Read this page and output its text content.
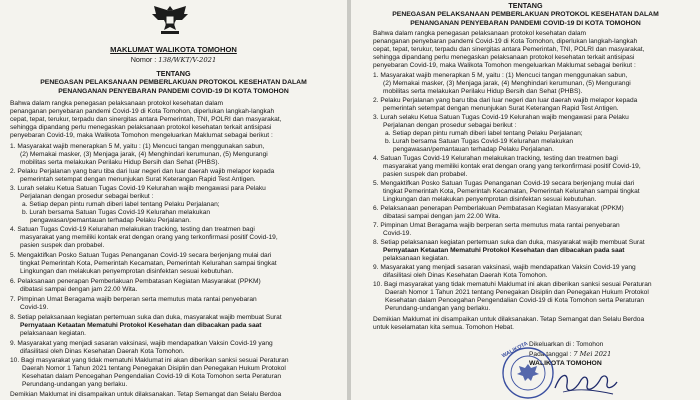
MAKLUMAT WALIKOTA TOMOHON
Nomor : 138/WKT/V-2021
TENTANG
PENEGASAN PELAKSANAAN PEMBERLAKUAN PROTOKOL KESEHATAN DALAM
PENANGANAN PENYEBARAN PANDEMI COVID-19 DI KOTA TOMOHON
Bahwa dalam rangka penegasan pelaksanaan protokol kesehatan dalam
penanganan penyebaran pandemi Covid-19 di Kota Tomohon, diperlukan langkah-langkah
cepat, tepat, terukur, terpadu dan sinergitas antara Pemerintah, TNI, POLRI dan masyarakat,
sehingga dipandang perlu menegaskan pelaksanaan protokol kesehatan terkait antisipasi
penyebaran Covid-19, maka Walikota Tomohon mengeluarkan Maklumat sebagai berikut :
1. Masyarakat wajib menerapkan 5 M, yaitu : (1) Mencuci tangan menggunakan sabun,
(2) Memakai masker, (3) Menjaga jarak, (4) Menghindari kerumunan, (5) Mengurangi
mobilitas serta melakukan Perilaku Hidup Bersih dan Sehat (PHBS).
2. Pelaku Perjalanan yang baru tiba dari luar negeri dan luar daerah wajib melapor kepada
pemerintah setempat dengan menunjukan Surat Keterangan Rapid Test Antigen.
3. Lurah selaku Ketua Satuan Tugas Covid-19 Kelurahan wajib mengawasi para Pelaku
Perjalanan dengan prosedur sebagai berikut :
a. Setiap depan pintu rumah diberi label tentang Pelaku Perjalanan;
b. Lurah bersama Satuan Tugas Covid-19 Kelurahan melakukan
pengawasan/pemantauan terhadap Pelaku Perjalanan.
4. Satuan Tugas Covid-19 Kelurahan melakukan tracking, testing dan treatmen bagi
masyarakat yang memiliki kontak erat dengan orang yang terkonfirmasi positif Covid-19,
pasien suspek dan probabel.
5. Mengaktifkan Posko Satuan Tugas Penanganan Covid-19 secara berjenjang mulai dari
tingkat Pemerintah Kota, Pemerintah Kecamatan, Pemerintah Kelurahan sampai tingkat
Lingkungan dan melakukan penyemprotan disinfektan sesuai kebutuhan.
6. Pelaksanaan penerapan Pemberlakuan Pembatasan Kegiatan Masyarakat (PPKM)
dibatasi sampai dengan jam 22.00 Wita.
7. Pimpinan Umat Beragama wajib berperan serta memutus mata rantai penyebaran
Covid-19.
8. Setiap pelaksanaan kegiatan pertemuan suka dan duka, masyarakat wajib membuat Surat
Pernyataan Ketaatan Mematuhi Protokol Kesehatan dan dibacakan pada saat
pelaksanaan kegiatan.
9. Masyarakat yang menjadi sasaran vaksinasi, wajib mendapatkan Vaksin Covid-19 yang
difasilitasi oleh Dinas Kesehatan Daerah Kota Tomohon.
10. Bagi masyarakat yang tidak mematuhi Maklumat ini akan diberikan sanksi sesuai Peraturan
Daerah Nomor 1 Tahun 2021 tentang Penegakan Disiplin dan Penegakan Hukum Protokol
Kesehatan dalam Pencegahan Pengendalian Covid-19 di Kota Tomohon serta Peraturan
Perundang-undangan yang berlaku.
Demikian Maklumat ini disampaikan untuk dilaksanakan. Tetap Semangat dan Selalu Berdoa
TENTANG
PENEGASAN PELAKSANAAN PEMBERLAKUAN PROTOKOL KESEHATAN DALAM
PENANGANAN PENYEBARAN PANDEMI COVID-19 DI KOTA TOMOHON
Bahwa dalam rangka penegasan pelaksanaan protokol kesehatan dalam
penanganan penyebaran pandemi Covid-19 di Kota Tomohon, diperlukan langkah-langkah
cepat, tepat, terukur, terpadu dan sinergitas antara Pemerintah, TNI, POLRI dan masyarakat,
sehingga dipandang perlu menegaskan pelaksanaan protokol kesehatan terkait antisipasi
penyebaran Covid-19, maka Walikota Tomohon mengeluarkan Maklumat sebagai berikut :
1. Masyarakat wajib menerapkan 5 M, yaitu : (1) Mencuci tangan menggunakan sabun,
(2) Memakai masker, (3) Menjaga jarak, (4) Menghindari kerumunan, (5) Mengurangi
mobilitas serta melakukan Perilaku Hidup Bersih dan Sehat (PHBS).
2. Pelaku Perjalanan yang baru tiba dari luar negeri dan luar daerah wajib melapor kepada
pemerintah setempat dengan menunjukan Surat Keterangan Rapid Test Antigen.
3. Lurah selaku Ketua Satuan Tugas Covid-19 Kelurahan wajib mengawasi para Pelaku
Perjalanan dengan prosedur sebagai berikut :
a. Setiap depan pintu rumah diberi label tentang Pelaku Perjalanan;
b. Lurah bersama Satuan Tugas Covid-19 Kelurahan melakukan
pengawasan/pemantauan terhadap Pelaku Perjalanan.
4. Satuan Tugas Covid-19 Kelurahan melakukan tracking, testing dan treatmen bagi
masyarakat yang memiliki kontak erat dengan orang yang terkonfirmasi positif Covid-19,
pasien suspek dan probabel.
5. Mengaktifkan Posko Satuan Tugas Penanganan Covid-19 secara berjenjang mulai dari
tingkat Pemerintah Kota, Pemerintah Kecamatan, Pemerintah Kelurahan sampai tingkat
Lingkungan dan melakukan penyemprotan disinfektan sesuai kebutuhan.
6. Pelaksanaan penerapan Pemberlakuan Pembatasan Kegiatan Masyarakat (PPKM)
dibatasi sampai dengan jam 22.00 Wita.
7. Pimpinan Umat Beragama wajib berperan serta memutus mata rantai penyebaran
Covid-19.
8. Setiap pelaksanaan kegiatan pertemuan suka dan duka, masyarakat wajib membuat Surat
Pernyataan Ketaatan Mematuhi Protokol Kesehatan dan dibacakan pada saat
pelaksanaan kegiatan.
9. Masyarakat yang menjadi sasaran vaksinasi, wajib mendapatkan Vaksin Covid-19 yang
difasilitasi oleh Dinas Kesehatan Daerah Kota Tomohon.
10. Bagi masyarakat yang tidak mematuhi Maklumat ini akan diberikan sanksi sesuai Peraturan
Daerah Nomor 1 Tahun 2021 tentang Penegakan Disiplin dan Penegakan Hukum Protokol
Kesehatan dalam Pencegahan Pengendalian Covid-19 di Kota Tomohon serta Peraturan
Perundang-undangan yang berlaku.
Demikian Maklumat ini disampaikan untuk dilaksanakan. Tetap Semangat dan Selalu Berdoa
untuk keselamatan kita semua. Tomohon Hebat.
Dikeluarkan di : Tomohon
Pada tanggal : 7 Mei 2021
WALIKOTA TOMOHON
WALIKOTA
